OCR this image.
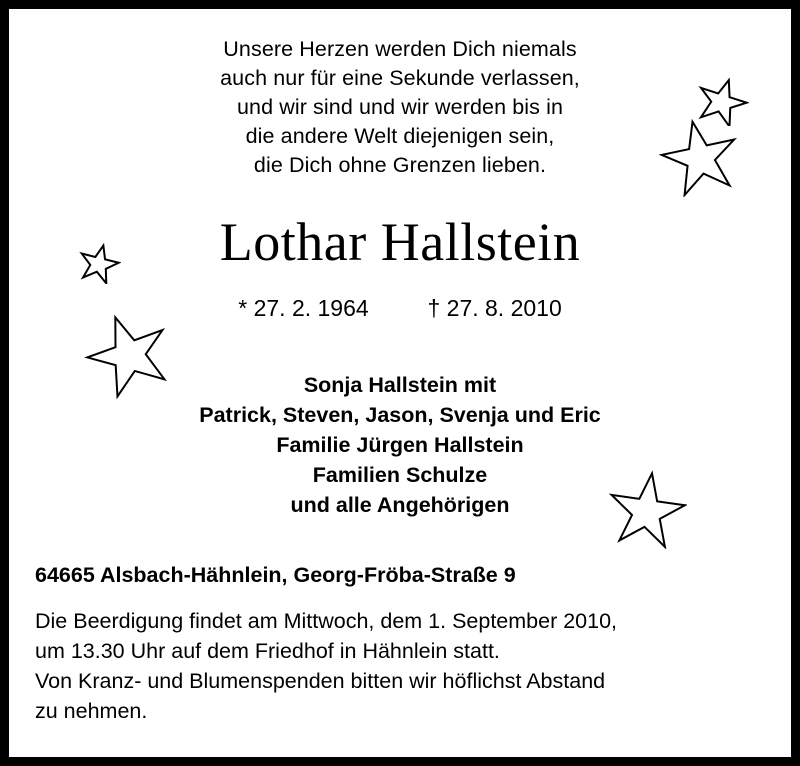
Unsere Herzen werden Dich niemals
auch nur für eine Sekunde verlassen,
und wir sind und wir werden bis in
die andere Welt diejenigen sein,
die Dich ohne Grenzen lieben.
Lothar Hallstein
* 27. 2. 1964	† 27. 8. 2010
Sonja Hallstein mit
Patrick, Steven, Jason, Svenja und Eric
Familie Jürgen Hallstein
Familien Schulze
und alle Angehörigen
64665 Alsbach-Hähnlein, Georg-Fröba-Straße 9
Die Beerdigung findet am Mittwoch, dem 1. September 2010,
um 13.30 Uhr auf dem Friedhof in Hähnlein statt.
Von Kranz- und Blumenspenden bitten wir höflichst Abstand
zu nehmen.
